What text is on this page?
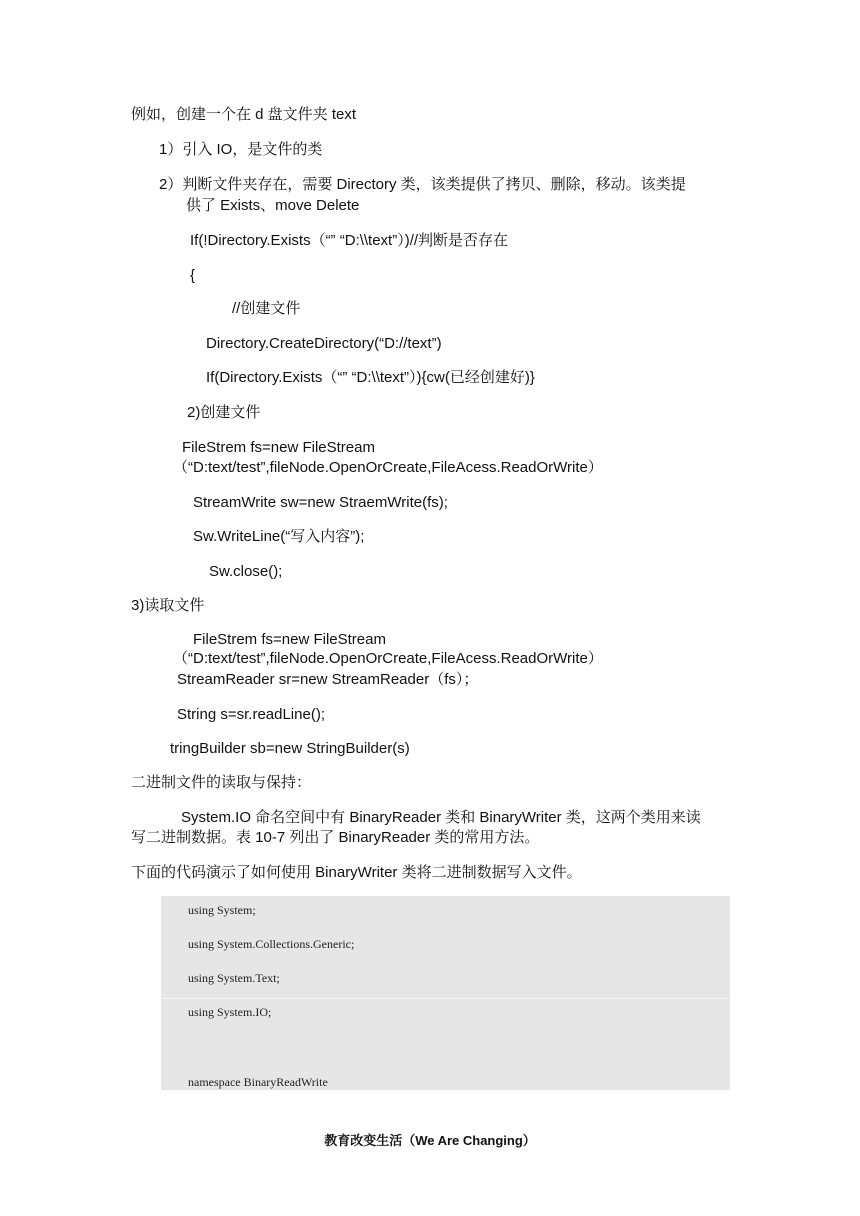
例如，创建一个在 d 盘文件夹 text
1）引入 IO，是文件的类
2）判断文件夹存在，需要 Directory 类，该类提供了拷贝、删除，移动。该类提
供了 Exists、move Delete
If(!Directory.Exists（“” “D:\\text”）)//判断是否存在
{
//创建文件
Directory.CreateDirectory(“D://text”)
If(Directory.Exists（“” “D:\\text”）){cw(已经创建好)}
2)创建文件
FileStrem fs=new FileStream
（“D:text/test”,fileNode.OpenOrCreate,FileAcess.ReadOrWrite）
StreamWrite sw=new StraemWrite(fs);
Sw.WriteLine(“写入内容”);
Sw.close();
3)读取文件
FileStrem fs=new FileStream
（“D:text/test”,fileNode.OpenOrCreate,FileAcess.ReadOrWrite）
StreamReader sr=new StreamReader（fs）；
String s=sr.readLine();
tringBuilder sb=new StringBuilder(s)
二进制文件的读取与保持：
System.IO 命名空间中有 BinaryReader 类和 BinaryWriter 类，这两个类用来读
写二进制数据。表 10-7 列出了 BinaryReader 类的常用方法。
下面的代码演示了如何使用 BinaryWriter 类将二进制数据写入文件。
using System;
using System.Collections.Generic;
using System.Text;
using System.IO;
namespace BinaryReadWrite
教育改变生活（We Are Changing）
